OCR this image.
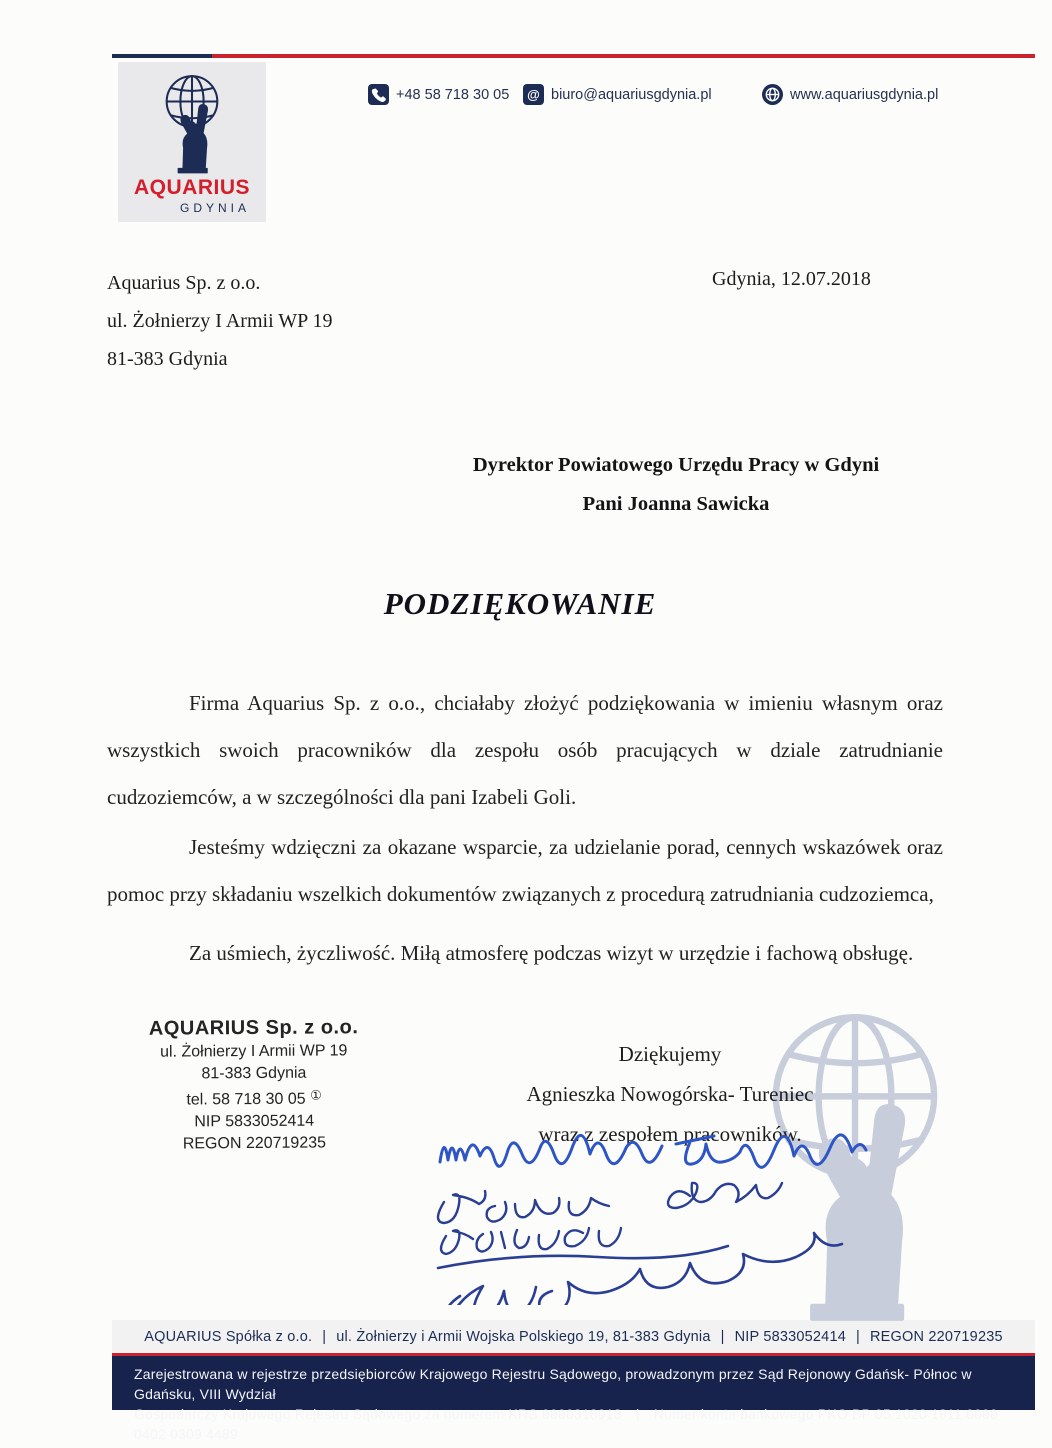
AQUARIUS
GDYNIA
+48 58 718 30 05 @ biuro@aquariusgdynia.pl	www.aquariusgdynia.pl
Aquarius Sp. z o.o.
ul. Żołnierzy I Armii WP 19
81-383 Gdynia
Gdynia, 12.07.2018
Dyrektor Powiatowego Urzędu Pracy w Gdyni
Pani Joanna Sawicka
PODZIĘKOWANIE
Firma Aquarius Sp. z o.o., chciałaby złożyć podziękowania w imieniu własnym oraz wszystkich swoich pracowników dla zespołu osób pracujących w dziale zatrudnianie cudzoziemców, a w szczególności dla pani Izabeli Goli.
Jesteśmy wdzięczni za okazane wsparcie, za udzielanie porad, cennych wskazówek oraz pomoc przy składaniu wszelkich dokumentów związanych z procedurą zatrudniania cudzoziemca,
Za uśmiech, życzliwość. Miłą atmosferę podczas wizyt w urzędzie i fachową obsługę.
AQUARIUS Sp. z o.o.
ul. Żołnierzy I Armii WP 19
81-383 Gdynia
tel. 58 718 30 05 ①
NIP 5833052414
REGON 220719235
Dziękujemy
Agnieszka Nowogórska- Tureniec
wraz z zespołem pracowników.
AQUARIUS Spółka z o.o. | ul. Żołnierzy i Armii Wojska Polskiego 19, 81-383 Gdynia | NIP 5833052414 | REGON 220719235
Zarejestrowana w rejestrze przedsiębiorców Krajowego Rejestru Sądowego, prowadzonym przez Sąd Rejonowy Gdańsk- Północ w Gdańsku, VIII Wydział
Gospodarczy Krajowego Rejestru Sądowego za numerem KRS 0000318913 | Numer konta bankowego PKO BP 05 1020 1811 0000 0402 0309 4489
